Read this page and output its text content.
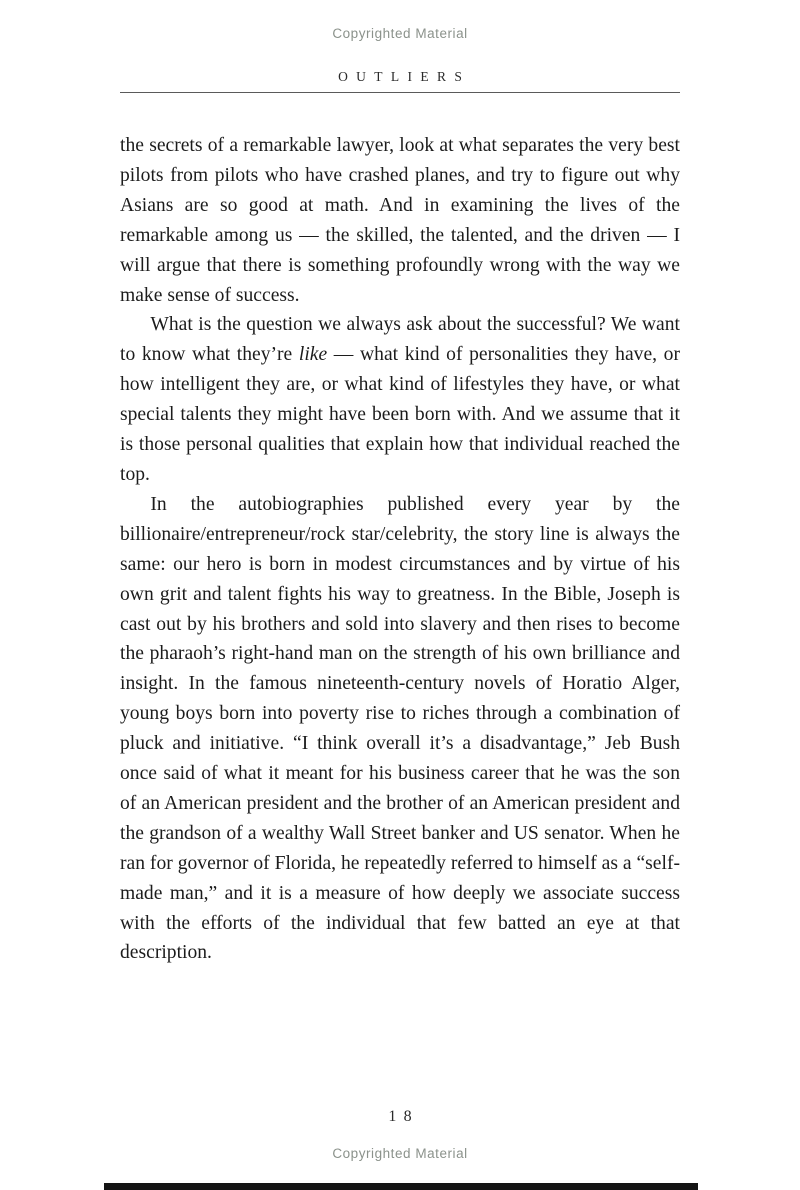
Copyrighted Material
OUTLIERS

the secrets of a remarkable lawyer, look at what separates the very best pilots from pilots who have crashed planes, and try to figure out why Asians are so good at math. And in examining the lives of the remarkable among us — the skilled, the talented, and the driven — I will argue that there is something profoundly wrong with the way we make sense of success.

What is the question we always ask about the successful? We want to know what they’re like — what kind of personalities they have, or how intelligent they are, or what kind of lifestyles they have, or what special talents they might have been born with. And we assume that it is those personal qualities that explain how that individual reached the top.

In the autobiographies published every year by the billionaire/entrepreneur/rock star/celebrity, the story line is always the same: our hero is born in modest circumstances and by virtue of his own grit and talent fights his way to greatness. In the Bible, Joseph is cast out by his brothers and sold into slavery and then rises to become the pharaoh’s right-hand man on the strength of his own brilliance and insight. In the famous nineteenth-century novels of Horatio Alger, young boys born into poverty rise to riches through a combination of pluck and initiative. “I think overall it’s a disadvantage,” Jeb Bush once said of what it meant for his business career that he was the son of an American president and the brother of an American president and the grandson of a wealthy Wall Street banker and US senator. When he ran for governor of Florida, he repeatedly referred to himself as a “self-made man,” and it is a measure of how deeply we associate success with the efforts of the individual that few batted an eye at that description.

18
Copyrighted Material
